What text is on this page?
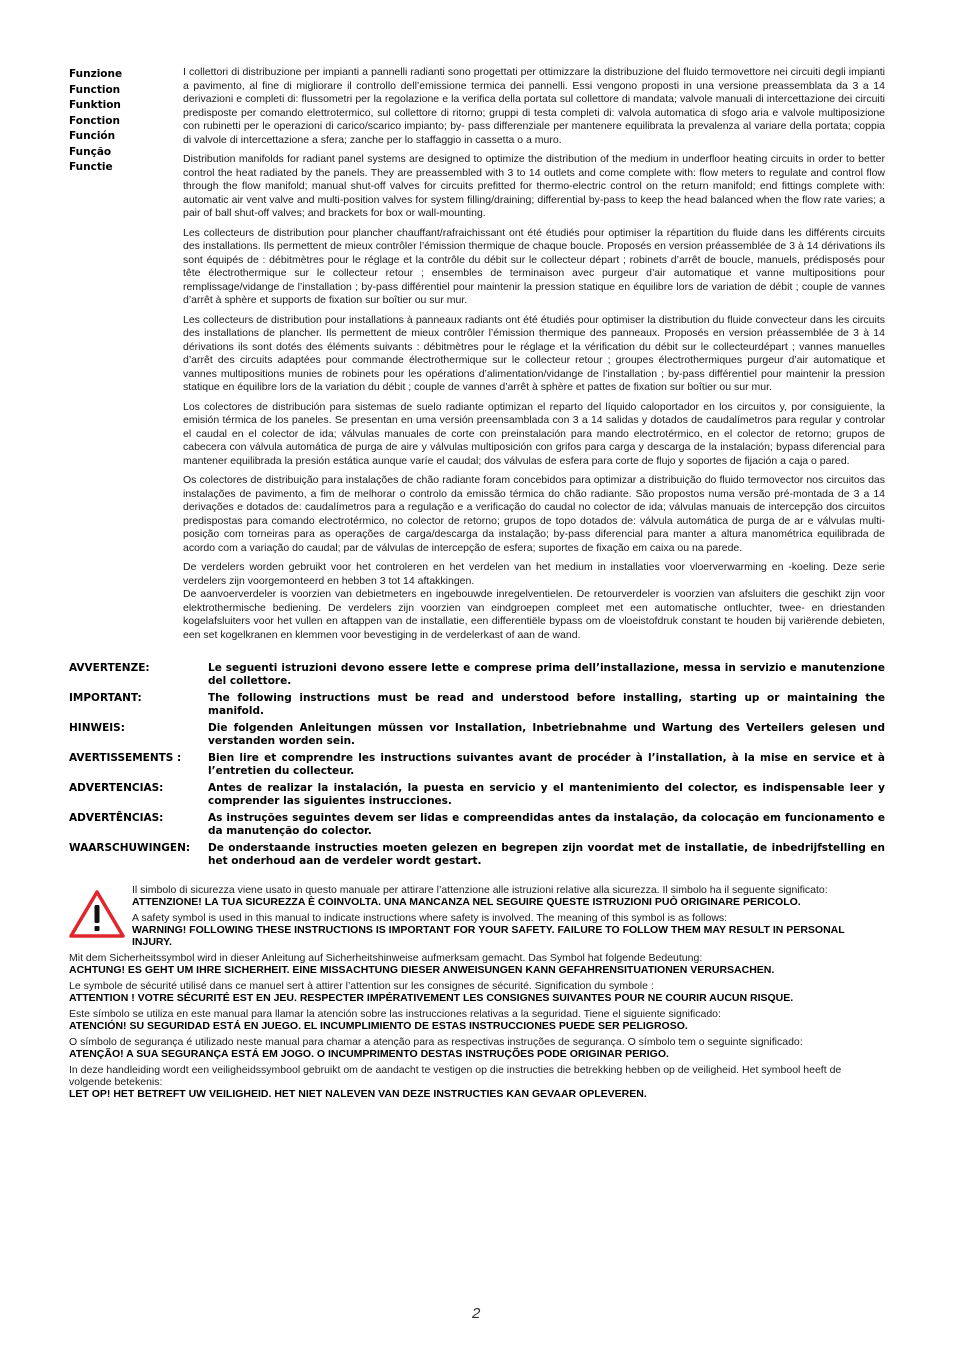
Funzione
Function
Funktion
Fonction
Función
Função
Functie

I collettori di distribuzione per impianti a pannelli radianti sono progettati per ottimizzare la distribuzione del fluido termovettore nei circuiti degli impianti a pavimento, al fine di migliorare il controllo dell’emissione termica dei pannelli. Essi vengono proposti in una versione preassemblata da 3 a 14 derivazioni e completi di: flussometri per la regolazione e la verifica della portata sul collettore di mandata; valvole manuali di intercettazione dei circuiti predisposte per comando elettrotermico, sul collettore di ritorno; gruppi di testa completi di: valvola automatica di sfogo aria e valvole multiposizione con rubinetti per le operazioni di carico/scarico impianto; by- pass differenziale per mantenere equilibrata la prevalenza al variare della portata; coppia di valvole di intercettazione a sfera; zanche per lo staffaggio in cassetta o a muro.

Distribution manifolds for radiant panel systems are designed to optimize the distribution of the medium in underfloor heating circuits in order to better control the heat radiated by the panels. They are preassembled with 3 to 14 outlets and come complete with: flow meters to regulate and control flow through the flow manifold; manual shut-off valves for circuits prefitted for thermo-electric control on the return manifold; end fittings complete with: automatic air vent valve and multi-position valves for system filling/draining; differential by-pass to keep the head balanced when the flow rate varies; a pair of ball shut-off valves; and brackets for box or wall-mounting.

Les collecteurs de distribution pour plancher chauffant/rafraichissant ont été étudiés pour optimiser la répartition du fluide dans les différents circuits des installations. Ils permettent de mieux contrôler l’émission thermique de chaque boucle. Proposés en version préassemblée de 3 à 14 dérivations ils sont équipés de : débitmètres pour le réglage et la contrôle du débit sur le collecteur départ ; robinets d’arrêt de boucle, manuels, prédisposés pour tête électrothermique sur le collecteur retour ; ensembles de terminaison avec purgeur d’air automatique et vanne multipositions pour remplissage/vidange de l’installation ; by-pass différentiel pour maintenir la pression statique en équilibre lors de variation de débit ; couple de vannes d’arrêt à sphère et supports de fixation sur boîtier ou sur mur.

Les collecteurs de distribution pour installations à panneaux radiants ont été étudiés pour optimiser la distribution du fluide convecteur dans les circuits des installations de plancher. Ils permettent de mieux contrôler l’émission thermique des panneaux. Proposés en version préassemblée de 3 à 14 dérivations ils sont dotés des éléments suivants : débitmètres pour le réglage et la vérification du débit sur le collecteurdépart ; vannes manuelles d’arrêt des circuits adaptées pour commande électrothermique sur le collecteur retour ; groupes électrothermiques purgeur d’air automatique et vannes multipositions munies de robinets pour les opérations d’alimentation/vidange de l’installation ; by-pass différentiel pour maintenir la pression statique en équilibre lors de la variation du débit ; couple de vannes d’arrêt à sphère et pattes de fixation sur boîtier ou sur mur.

Los colectores de distribución para sistemas de suelo radiante optimizan el reparto del líquido caloportador en los circuitos y, por consiguiente, la emisión térmica de los paneles. Se presentan en uma versión preensamblada con 3 a 14 salidas y dotados de caudalímetros para regular y controlar el caudal en el colector de ida; válvulas manuales de corte con preinstalación para mando electrotérmico, en el colector de retorno; grupos de cabecera con válvula automática de purga de aire y válvulas multiposición con grifos para carga y descarga de la instalación; bypass diferencial para mantener equilibrada la presión estática aunque varíe el caudal; dos válvulas de esfera para corte de flujo y soportes de fijación a caja o pared.

Os colectores de distribuição para instalações de chão radiante foram concebidos para optimizar a distribuição do fluido termovector nos circuitos das instalações de pavimento, a fim de melhorar o controlo da emissão térmica do chão radiante. São propostos numa versão pré-montada de 3 a 14 derivações e dotados de: caudalímetros para a regulação e a verificação do caudal no colector de ida; válvulas manuais de intercepção dos circuitos predispostas para comando electrotérmico, no colector de retorno; grupos de topo dotados de: válvula automática de purga de ar e válvulas multi-posição com torneiras para as operações de carga/descarga da instalação; by-pass diferencial para manter a altura manométrica equilibrada de acordo com a variação do caudal; par de válvulas de intercepção de esfera; suportes de fixação em caixa ou na parede.

De verdelers worden gebruikt voor het controleren en het verdelen van het medium in installaties voor vloerverwarming en -koeling. Deze serie verdelers zijn voorgemonteerd en hebben 3 tot 14 aftakkingen.
De aanvoerverdeler is voorzien van debietmeters en ingebouwde inregelventielen. De retourverdeler is voorzien van afsluiters die geschikt zijn voor elektrothermische bediening. De verdelers zijn voorzien van eindgroepen compleet met een automatische ontluchter, twee- en driestanden kogelafsluiters voor het vullen en aftappen van de installatie, een differentiële bypass om de vloeistofdruk constant te houden bij variërende debieten, een set kogelkranen en klemmen voor bevestiging in de verdelerkast of aan de wand.

AVVERTENZE:	Le seguenti istruzioni devono essere lette e comprese prima dell’installazione, messa in servizio e manutenzione del collettore.
IMPORTANT:	The following instructions must be read and understood before installing, starting up or maintaining the manifold.
HINWEIS:	Die folgenden Anleitungen müssen vor Installation, Inbetriebnahme und Wartung des Verteilers gelesen und verstanden worden sein.
AVERTISSEMENTS :	Bien lire et comprendre les instructions suivantes avant de procéder à l’installation, à la mise en service et à l’entretien du collecteur.
ADVERTENCIAS:	Antes de realizar la instalación, la puesta en servicio y el mantenimiento del colector, es indispensable leer y comprender las siguientes instrucciones.
ADVERTÊNCIAS:	As instruções seguintes devem ser lidas e compreendidas antes da instalação, da colocação em funcionamento e da manutenção do colector.
WAARSCHUWINGEN:	De onderstaande instructies moeten gelezen en begrepen zijn voordat met de installatie, de inbedrijfstelling en het onderhoud aan de verdeler wordt gestart.

Il simbolo di sicurezza viene usato in questo manuale per attirare l’attenzione alle istruzioni relative alla sicurezza. Il simbolo ha il seguente significato:

ATTENZIONE! LA TUA SICUREZZA È COINVOLTA. UNA MANCANZA NEL SEGUIRE QUESTE ISTRUZIONI PUÒ ORIGINARE PERICOLO.

A safety symbol is used in this manual to indicate instructions where safety is involved. The meaning of this symbol is as follows:

WARNING! FOLLOWING THESE INSTRUCTIONS IS IMPORTANT FOR YOUR SAFETY. FAILURE TO FOLLOW THEM MAY RESULT IN PERSONAL INJURY.

Mit dem Sicherheitssymbol wird in dieser Anleitung auf Sicherheitshinweise aufmerksam gemacht. Das Symbol hat folgende Bedeutung:

ACHTUNG! ES GEHT UM IHRE SICHERHEIT. EINE MISSACHTUNG DIESER ANWEISUNGEN KANN GEFAHRENSITUATIONEN VERURSACHEN.

Le symbole de sécurité utilisé dans ce manuel sert à attirer l’attention sur les consignes de sécurité. Signification du symbole :

ATTENTION ! VOTRE SÉCURITÉ EST EN JEU. RESPECTER IMPÉRATIVEMENT LES CONSIGNES SUIVANTES POUR NE COURIR AUCUN RISQUE.

Este símbolo se utiliza en este manual para llamar la atención sobre las instrucciones relativas a la seguridad. Tiene el siguiente significado:

ATENCIÓN! SU SEGURIDAD ESTÁ EN JUEGO. EL INCUMPLIMIENTO DE ESTAS INSTRUCCIONES PUEDE SER PELIGROSO.

O símbolo de segurança é utilizado neste manual para chamar a atenção para as respectivas instruções de segurança. O símbolo tem o seguinte significado:

ATENÇÃO! A SUA SEGURANÇA ESTÁ EM JOGO. O INCUMPRIMENTO DESTAS INSTRUÇÕES PODE ORIGINAR PERIGO.

In deze handleiding wordt een veiligheidssymbool gebruikt om de aandacht te vestigen op die instructies die betrekking hebben op de veiligheid. Het symbool heeft de volgende betekenis:

LET OP! HET BETREFT UW VEILIGHEID. HET NIET NALEVEN VAN DEZE INSTRUCTIES KAN GEVAAR OPLEVEREN.

2
